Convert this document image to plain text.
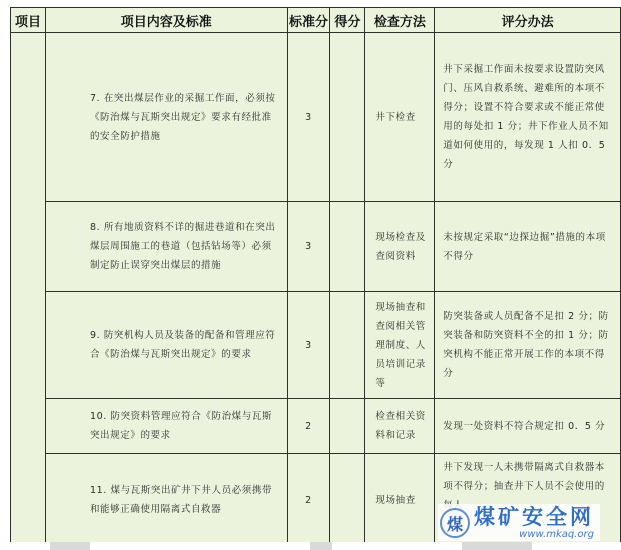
项目	项目内容及标准	标准分	得分	检查方法	评分办法
	7. 在突出煤层作业的采掘工作面，必须按《防治煤与瓦斯突出规定》要求有经批准的安全防护措施	3		井下检查	井下采掘工作面未按要求设置防突风门、压风自救系统、避难所的本项不得分；设置不符合要求或不能正常使用的每处扣 1 分；井下作业人员不知道如何使用的，每发现 1 人扣 0．5 分
	8. 所有地质资料不详的掘进巷道和在突出煤层周围施工的巷道（包括钻场等）必须制定防止误穿突出煤层的措施	3		现场检查及查阅资料	未按规定采取“边探边掘”措施的本项不得分
	9. 防突机构人员及装备的配备和管理应符合《防治煤与瓦斯突出规定》的要求	3		现场抽查和查阅相关管理制度、人员培训记录等	防突装备或人员配备不足扣 2 分；防突装备和防突资料不全的扣 1 分；防突机构不能正常开展工作的本项不得分
	10. 防突资料管理应符合《防治煤与瓦斯突出规定》的要求	2		检查相关资料和记录	发现一处资料不符合规定扣 0．5 分
	11. 煤与瓦斯突出矿井下井人员必须携带和能够正确使用隔离式自救器	2		现场抽查	井下发现一人未携带隔离式自救器本项不得分；抽查井下人员不会使用的
煤 煤矿安全网
www.mkaq.org
